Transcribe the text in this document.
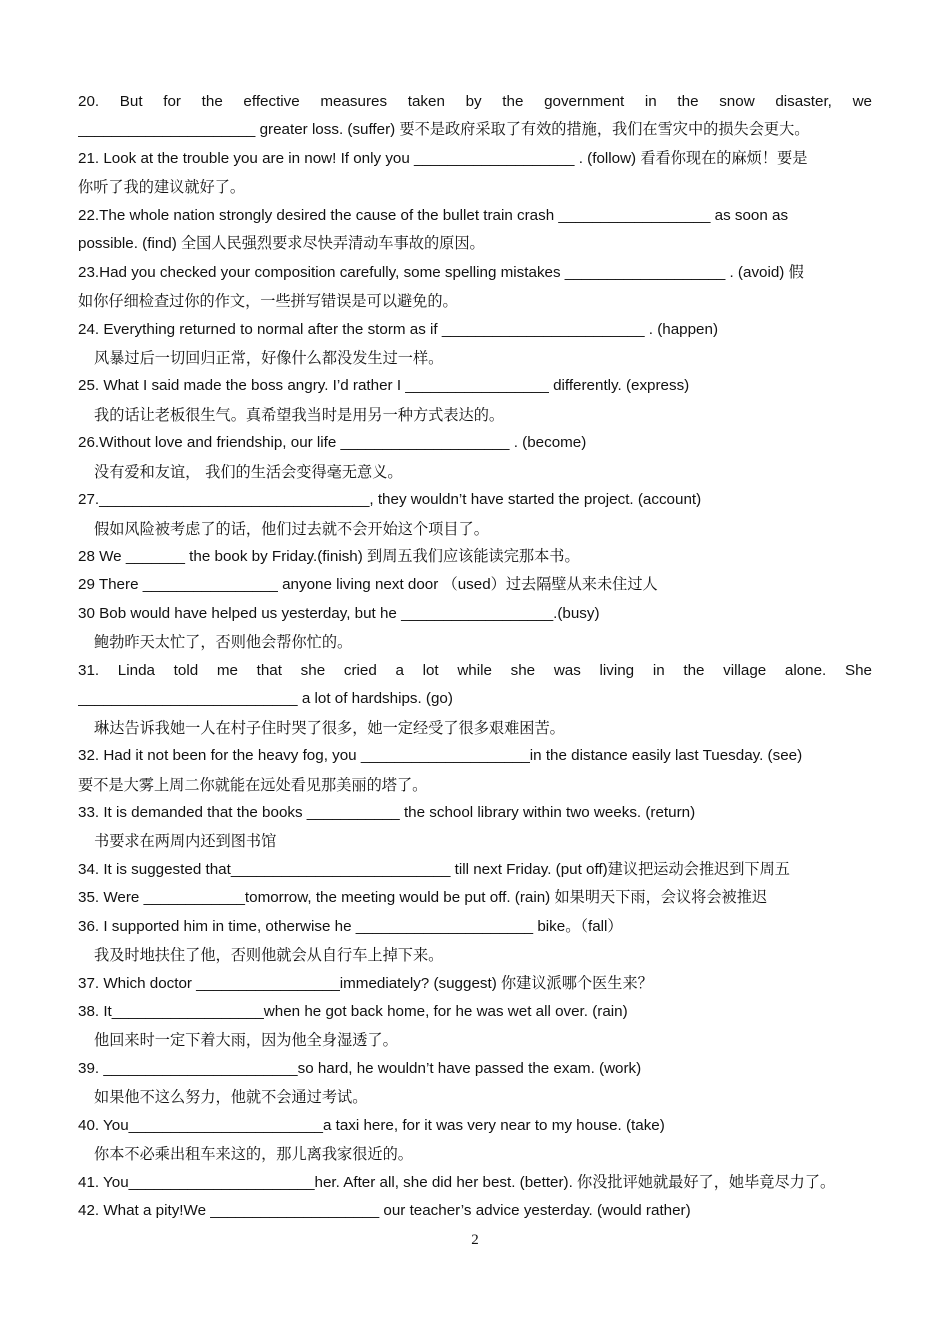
20. But for the effective measures taken by the government in the snow disaster, we
_____________________ greater loss. (suffer) 要不是政府采取了有效的措施，我们在雪灾中的损失会更大。
21. Look at the trouble you are in now! If only you ___________________ . (follow) 看看你现在的麻烦！要是
你听了我的建议就好了。
22.The whole nation strongly desired the cause of the bullet train crash __________________ as soon as
possible. (find) 全国人民强烈要求尽快弄清动车事故的原因。
23.Had you checked your composition carefully, some spelling mistakes ___________________ . (avoid) 假
如你仔细检查过你的作文，一些拼写错误是可以避免的。
24. Everything returned to normal after the storm as if ________________________ . (happen)
风暴过后一切回归正常，好像什么都没发生过一样。
25. What I said made the boss angry. I’d rather I _________________ differently. (express)
我的话让老板很生气。真希望我当时是用另一种方式表达的。
26.Without love and friendship, our life ____________________ . (become)
没有爱和友谊， 我们的生活会变得毫无意义。
27.________________________________, they wouldn’t have started the project. (account)
假如风险被考虑了的话，他们过去就不会开始这个项目了。
28 We _______ the book by Friday.(finish) 到周五我们应该能读完那本书。
29 There ________________ anyone living next door （used）过去隔壁从来未住过人
30 Bob would have helped us yesterday, but he __________________.(busy)
鲍勃昨天太忙了，否则他会帮你忙的。
31. Linda told me that she cried a lot while she was living in the village alone. She
__________________________ a lot of hardships. (go)
琳达告诉我她一人在村子住时哭了很多，她一定经受了很多艰难困苦。
32. Had it not been for the heavy fog, you ____________________in the distance easily last Tuesday. (see)
要不是大雾上周二你就能在远处看见那美丽的塔了。
33. It is demanded that the books ___________ the school library within two weeks. (return)
书要求在两周内还到图书馆
34. It is suggested that__________________________ till next Friday. (put off)建议把运动会推迟到下周五
35. Were ____________tomorrow, the meeting would be put off. (rain) 如果明天下雨，会议将会被推迟
36. I supported him in time, otherwise he _____________________ bike。（fall）
我及时地扶住了他，否则他就会从自行车上掉下来。
37. Which doctor _________________immediately? (suggest) 你建议派哪个医生来？
38. It__________________when he got back home, for he was wet all over. (rain)
他回来时一定下着大雨，因为他全身湿透了。
39. _______________________so hard, he wouldn’t have passed the exam. (work)
如果他不这么努力，他就不会通过考试。
40. You_______________________a taxi here, for it was very near to my house. (take)
你本不必乘出租车来这的，那儿离我家很近的。
41. You______________________her. After all, she did her best. (better). 你没批评她就最好了，她毕竟尽力了。
42. What a pity!We ____________________ our teacher’s advice yesterday. (would rather)
2
